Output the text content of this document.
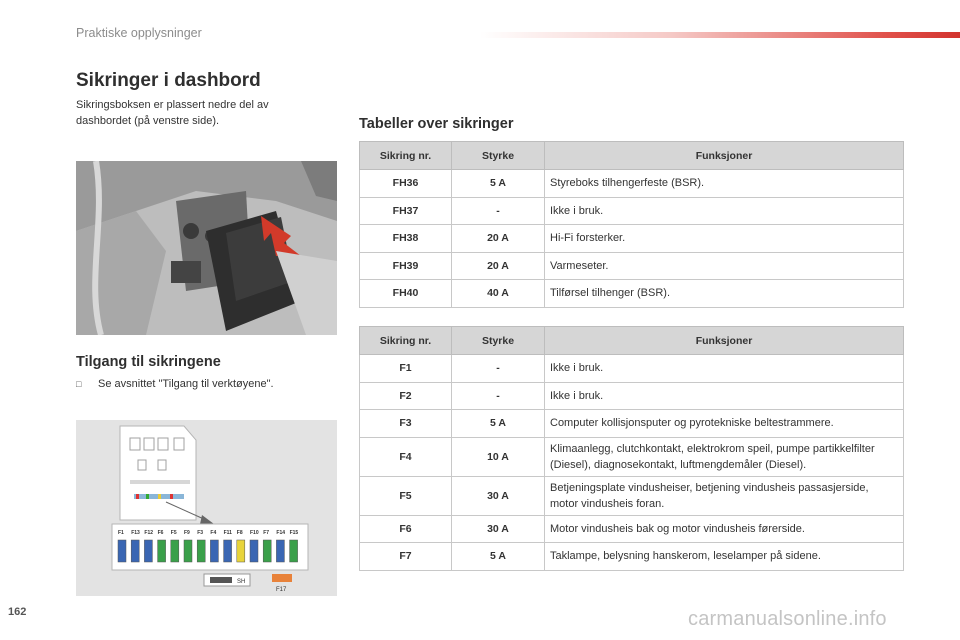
Praktiske opplysninger
Sikringer i dashbord

Sikringsboksen er plassert nedre del av dashbordet (på venstre side).

Tilgang til sikringene
□ Se avsnittet "Tilgang til verktøyene".
F1 F13 F12 F6 F5 F9 F3 F4 F11 F8 F10 F7 F14 F15
SH
F17
Tabeller over sikringer
Sikring nr.	Styrke	Funksjoner
FH36	5 A	Styreboks tilhengerfeste (BSR).
FH37	-	Ikke i bruk.
FH38	20 A	Hi-Fi forsterker.
FH39	20 A	Varmeseter.
FH40	40 A	Tilførsel tilhenger (BSR).
Sikring nr.	Styrke	Funksjoner
F1	-	Ikke i bruk.
F2	-	Ikke i bruk.
F3	5 A	Computer kollisjonsputer og pyrotekniske beltestrammere.
F4	10 A	Klimaanlegg, clutchkontakt, elektrokrom speil, pumpe partikkelfilter (Diesel), diagnosekontakt, luftmengdemåler (Diesel).
F5	30 A	Betjeningsplate vindusheiser, betjening vindusheis passasjerside, motor vindusheis foran.
F6	30 A	Motor vindusheis bak og motor vindusheis førerside.
F7	5 A	Taklampe, belysning hanskerom, leselamper på sidene.
162	carmanualsonline.info
